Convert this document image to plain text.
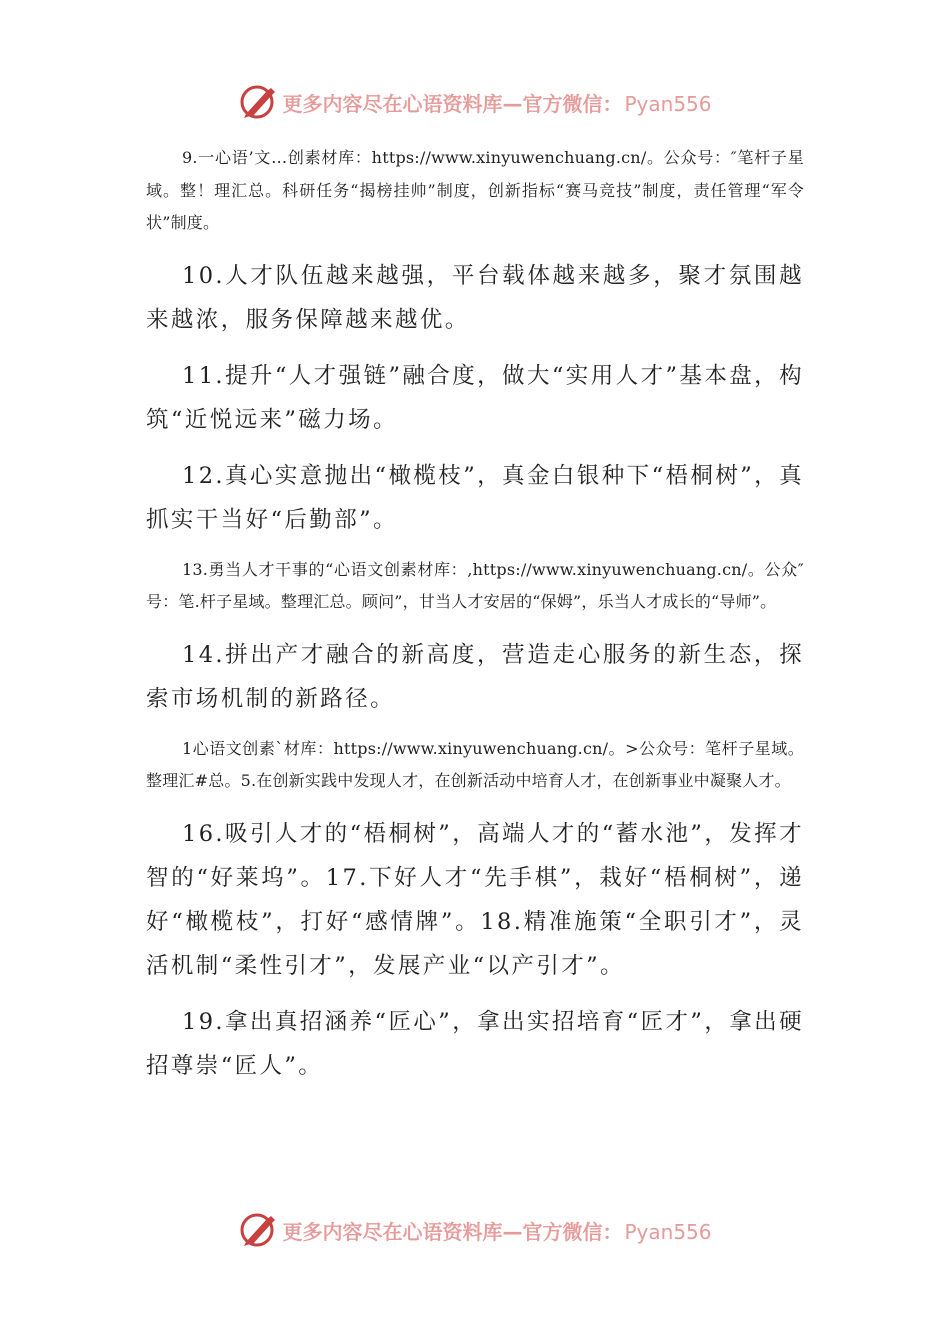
更多内容尽在心语资料库—官方微信： Pyan556

9.一心语’文…创素材库：https://www.xinyuwenchuang.cn/。公众号：″笔杆子星域。整！理汇总。科研任务“揭榜挂帅”制度，创新指标“赛马竞技”制度，责任管理“军令状”制度。

10.人才队伍越来越强，平台载体越来越多，聚才氛围越来越浓，服务保障越来越优。

11.提升“人才强链”融合度，做大“实用人才”基本盘，构筑“近悦远来”磁力场。

12.真心实意抛出“橄榄枝”，真金白银种下“梧桐树”，真抓实干当好“后勤部”。

13.勇当人才干事的“心语文创素材库：,https://www.xinyuwenchuang.cn/。公众″号：笔.杆子星域。整理汇总。顾问”，甘当人才安居的“保姆”，乐当人才成长的“导师”。

14.拼出产才融合的新高度，营造走心服务的新生态，探索市场机制的新路径。

1心语文创素`材库：https://www.xinyuwenchuang.cn/。>公众号：笔杆子星域。整理汇#总。5.在创新实践中发现人才，在创新活动中培育人才，在创新事业中凝聚人才。

16.吸引人才的“梧桐树”，高端人才的“蓄水池”，发挥才智的“好莱坞”。17.下好人才“先手棋”，栽好“梧桐树”，递好“橄榄枝”，打好“感情牌”。18.精准施策“全职引才”，灵活机制“柔性引才”，发展产业“以产引才”。

19.拿出真招涵养“匠心”，拿出实招培育“匠才”，拿出硬招尊崇“匠人”。

更多内容尽在心语资料库—官方微信： Pyan556
